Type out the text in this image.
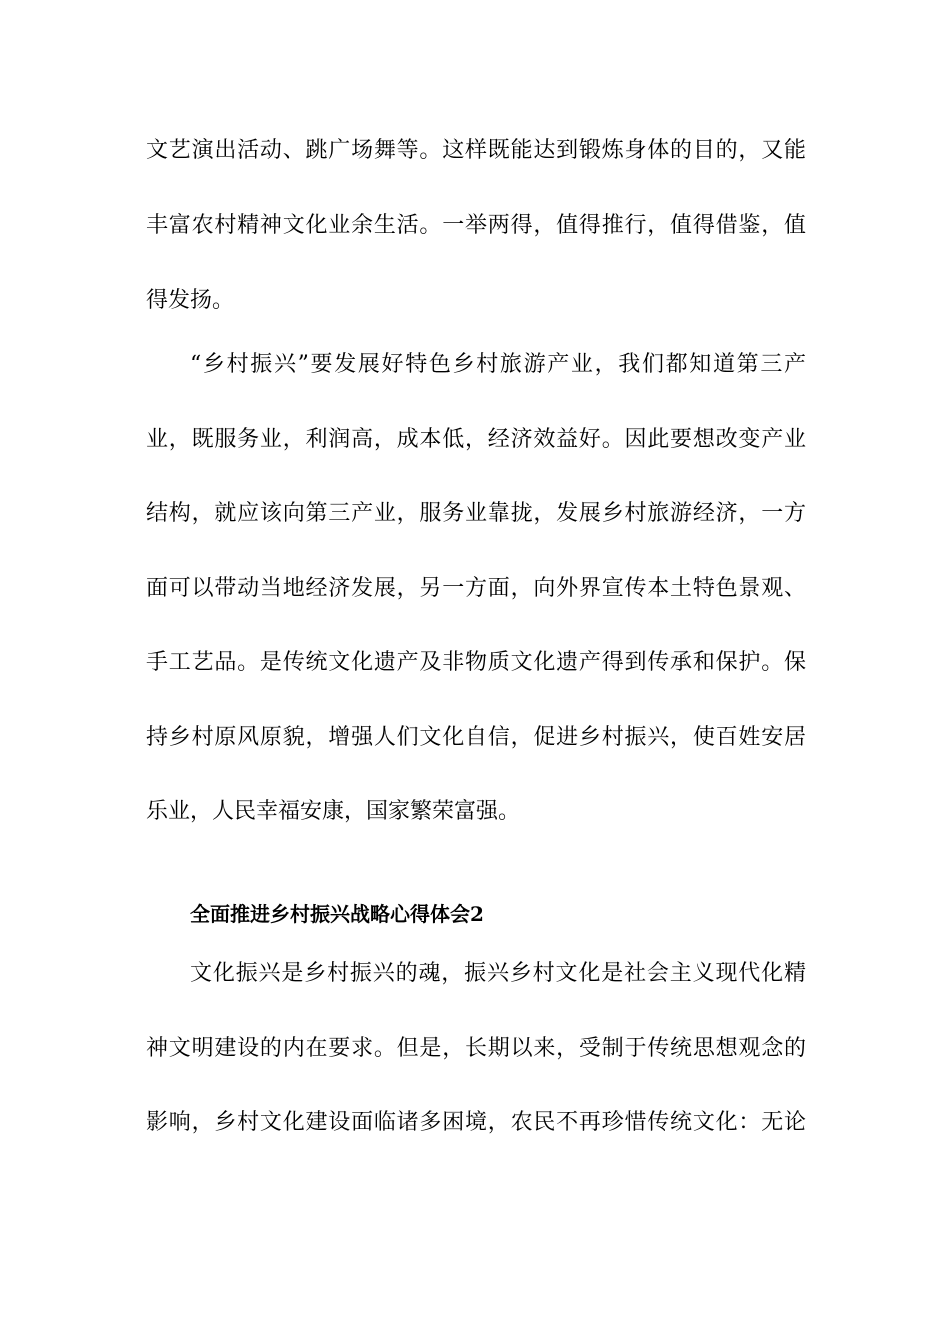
文艺演出活动、跳广场舞等。这样既能达到锻炼身体的目的，又能
丰富农村精神文化业余生活。一举两得，值得推行，值得借鉴，值
得发扬。
“乡村振兴”要发展好特色乡村旅游产业，我们都知道第三产
业，既服务业，利润高，成本低，经济效益好。因此要想改变产业
结构，就应该向第三产业，服务业靠拢，发展乡村旅游经济，一方
面可以带动当地经济发展，另一方面，向外界宣传本土特色景观、
手工艺品。是传统文化遗产及非物质文化遗产得到传承和保护。保
持乡村原风原貌，增强人们文化自信，促进乡村振兴，使百姓安居
乐业，人民幸福安康，国家繁荣富强。
全面推进乡村振兴战略心得体会2
文化振兴是乡村振兴的魂，振兴乡村文化是社会主义现代化精
神文明建设的内在要求。但是，长期以来，受制于传统思想观念的
影响，乡村文化建设面临诸多困境，农民不再珍惜传统文化：无论
